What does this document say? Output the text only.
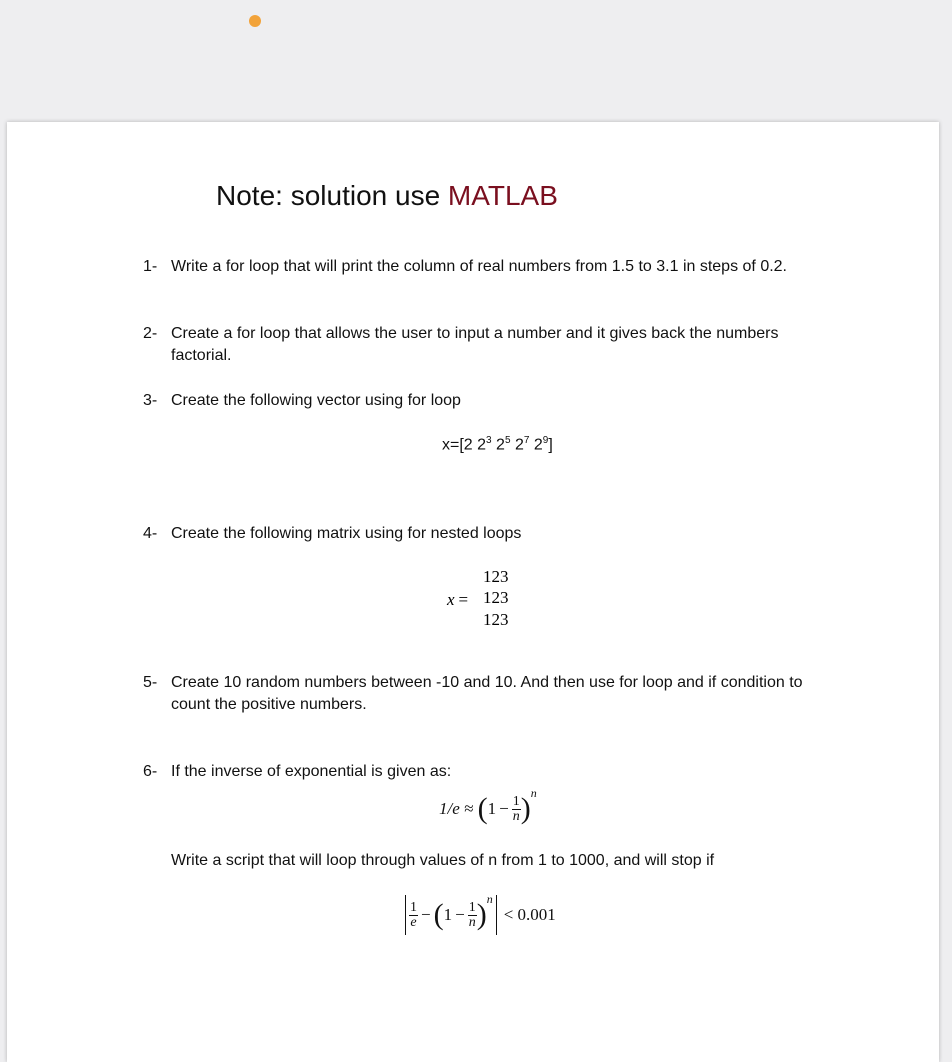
Note: solution use MATLAB
1- Write a for loop that will print the column of real numbers from 1.5 to 3.1 in steps of 0.2.
2- Create a for loop that allows the user to input a number and it gives back the numbers factorial.
3- Create the following vector using for loop
x=[2 $2^3$ $2^5$ $2^7$ $2^9$]
4- Create the following matrix using for nested loops
x =
1	2	3
1	2	3
1	2	3
5- Create 10 random numbers between -10 and 10. And then use for loop and if condition to count the positive numbers.
6- If the inverse of exponential is given as:
$1/e \approx (1 - \frac{1}{n} )^n$
Write a script that will loop through values of n from 1 to 1000, and will stop if
$\frac{1}{e} - (1 - \frac{1}{n} )^n< 0.001$
